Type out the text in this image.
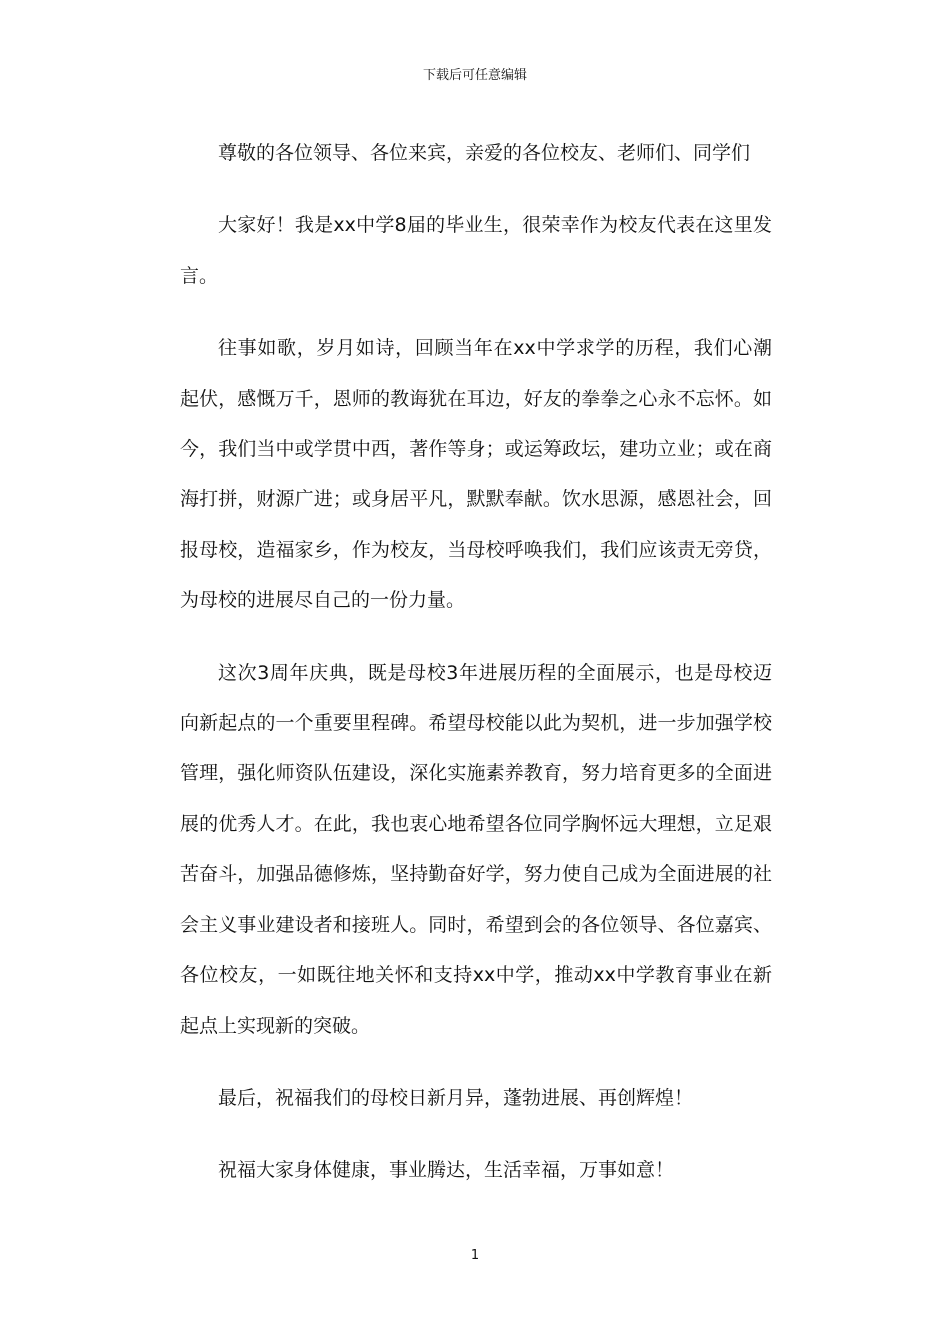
下载后可任意编辑

尊敬的各位领导、各位来宾，亲爱的各位校友、老师们、同学们

大家好！我是xx中学8届的毕业生，很荣幸作为校友代表在这里发言。

往事如歌，岁月如诗，回顾当年在xx中学求学的历程，我们心潮起伏，感慨万千，恩师的教诲犹在耳边，好友的拳拳之心永不忘怀。如今，我们当中或学贯中西，著作等身；或运筹政坛，建功立业；或在商海打拼，财源广进；或身居平凡，默默奉献。饮水思源，感恩社会，回报母校，造福家乡，作为校友，当母校呼唤我们，我们应该责无旁贷，为母校的进展尽自己的一份力量。

这次3周年庆典，既是母校3年进展历程的全面展示，也是母校迈向新起点的一个重要里程碑。希望母校能以此为契机，进一步加强学校管理，强化师资队伍建设，深化实施素养教育，努力培育更多的全面进展的优秀人才。在此，我也衷心地希望各位同学胸怀远大理想，立足艰苦奋斗，加强品德修炼，坚持勤奋好学，努力使自己成为全面进展的社会主义事业建设者和接班人。同时，希望到会的各位领导、各位嘉宾、各位校友，一如既往地关怀和支持xx中学，推动xx中学教育事业在新起点上实现新的突破。

最后，祝福我们的母校日新月异，蓬勃进展、再创辉煌！

祝福大家身体健康，事业腾达，生活幸福，万事如意！

1
